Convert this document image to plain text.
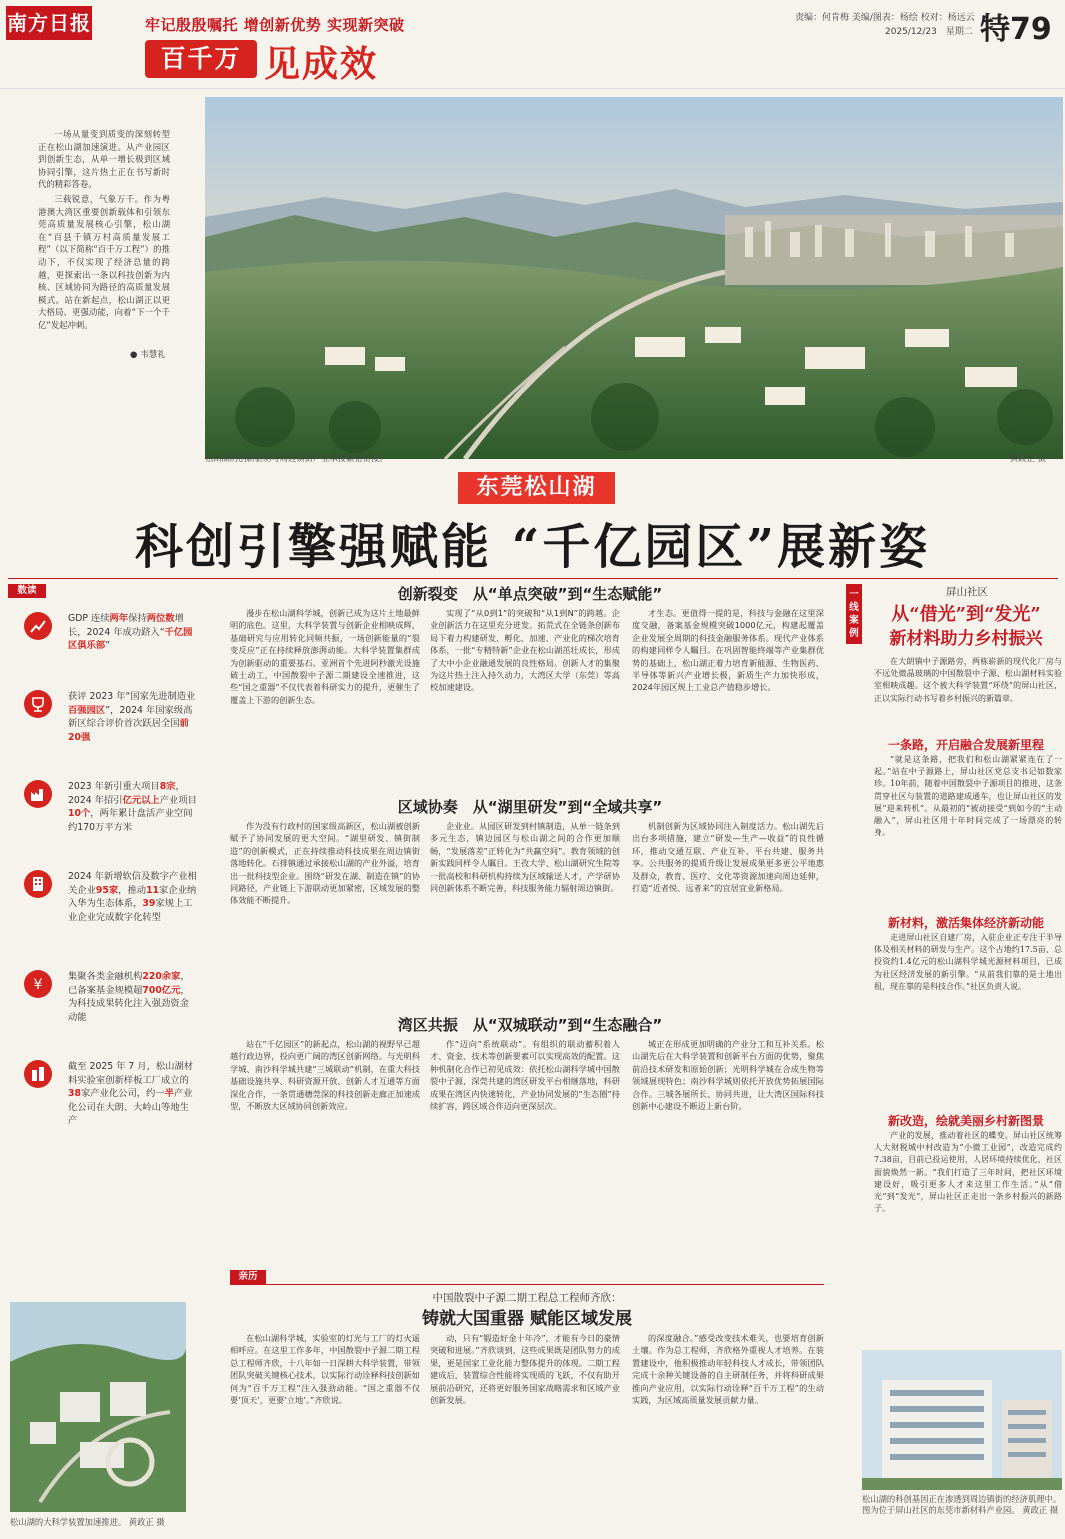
南方日报	牢记殷殷嘱托 增创新优势 实现新突破
百千万 见成效
责编：何肯梅 美编/图表：杨绘 校对：杨远云
2025/12/23　 星期二 特79

一场从量变到质变的深刻转型正在松山湖加速演进。从产业园区到创新生态，从单一增长极到区域协同引擎，这片热土正在书写新时代的精彩答卷。

三载锐意，气象万千。作为粤港澳大湾区重要创新载体和引领东莞高质量发展核心引擎，松山湖在“百县千镇万村高质量发展工程”（以下简称“百千万工程”）的推动下，不仅实现了经济总量的跨越，更探索出一条以科技创新为内核、区域协同为路径的高质量发展模式。站在新起点，松山湖正以更大格局、更强动能，向着“下一个千亿”发起冲刺。

● 韦慧礼
松山湖的创新驱动与周边镇街产业承接紧密衔接。	黄政正 摄
东莞松山湖
科创引擎强赋能 “千亿园区”展新姿
数读
GDP 连续两年保持两位数增长，2024 年成功跻入“千亿园区俱乐部”
获评 2023 年“国家先进制造业百强园区”，2024 年国家级高新区综合评价首次跃居全国前20强
2023 年新引重大项目8宗，2024 年招引亿元以上产业项目10个，两年累计盘活产业空间约170万平方米
2024 年新增软信及数字产业相关企业95家，推动11家企业纳入华为生态体系，39家规上工业企业完成数字化转型
¥
集聚各类金融机构220余家，已备案基金规模超700亿元，为科技成果转化注入强劲资金动能
截至 2025 年 7 月，松山湖材料实验室创新样板工厂成立的38家产业化公司，约一半产业化公司在大朗、大岭山等地生产
创新裂变　从“单点突破”到“生态赋能”

漫步在松山湖科学城，创新已成为这片土地最鲜明的底色。这里，大科学装置与创新企业相映成辉，基础研究与应用转化同频共振，一场创新能量的“裂变反应”正在持续释放澎湃动能。大科学装置集群成为创新驱动的重要基石。亚洲首个先进阿秒激光设施破土动工，中国散裂中子源二期建设全速推进，这些“国之重器”不仅代表着科研实力的提升，更催生了覆盖上下游的创新生态。

实现了“从0到1”的突破和“从1到N”的跨越。企业创新活力在这里充分迸发。拓荒式在全链条创新布局下着力构建研发、孵化、加速、产业化的梯次培育体系，一批“专精特新”企业在松山湖茁壮成长，形成了大中小企业融通发展的良性格局。创新人才的集聚为这片热土注入持久动力，大湾区大学（东莞）等高校加速建设。

才生态。更值得一提的是，科技与金融在这里深度交融，备案基金规模突破1000亿元，构建起覆盖企业发展全周期的科技金融服务体系。现代产业体系的构建同样令人瞩目。在巩固智能终端等产业集群优势的基础上，松山湖正着力培育新能源、生物医药、半导体等新兴产业增长极，新质生产力加快形成，2024年园区规上工业总产值稳步增长。

区域协奏　从“湖里研发”到“全域共享”

作为没有行政村的国家级高新区，松山湖被创新赋予了协同发展的更大空间。“湖里研发、镇街制造”的创新模式，正在持续推动科技成果在周边镇街落地转化。石排镇通过承接松山湖的产业外溢，培育出一批科技型企业。围绕“研发在湖、制造在镇”的协同路径，产业链上下游联动更加紧密，区域发展的整体效能不断提升。

企业业。从园区研发到村镇制造，从单一链条到多元生态，镇边园区与松山湖之间的合作更加顺畅，“发展落差”正转化为“共赢空间”。教育领域的创新实践同样令人瞩目。王孜大学、松山湖研究生院等一批高校和科研机构持续为区域输送人才，产学研协同创新体系不断完善，科技服务能力辐射周边镇街。

机制创新为区域协同注入制度活力。松山湖先后出台多项措施，建立“研发—生产—收益”的良性循环，推动交通互联、产业互补、平台共建、服务共享。公共服务的提质升级让发展成果更多更公平地惠及群众，教育、医疗、文化等资源加速向周边延伸，打造“近者悦、远者来”的宜居宜业新格局。

湾区共振　从“双城联动”到“生态融合”

站在“千亿园区”的新起点，松山湖的视野早已超越行政边界，投向更广阔的湾区创新网络。与光明科学城、南沙科学城共建“三城联动”机制，在重大科技基础设施共享、科研资源开放、创新人才互通等方面深化合作，一条贯通穗莞深的科技创新走廊正加速成型，不断放大区域协同创新效应。

作“迈向”系统联动”。有组织的联动蓄积着人才、资金、技术等创新要素可以实现高效的配置。这种机制化合作已初见成效：依托松山湖科学城中国散裂中子源，深莞共建的湾区研发平台相继落地，科研成果在湾区内快速转化，产业协同发展的“生态圈”持续扩容，跨区域合作迈向更深层次。

城正在形成更加明确的产业分工和互补关系。松山湖先后在大科学装置和创新平台方面的优势，聚焦前沿技术研发和原始创新；光明科学城在合成生物等领域展现特色；南沙科学城则依托开放优势拓展国际合作。三城各展所长、协同共进，让大湾区国际科技创新中心建设不断迈上新台阶。

亲历
中国散裂中子源二期工程总工程师齐欣：
铸就大国重器 赋能区域发展

在松山湖科学城，实验室的灯光与工厂的灯火遥相呼应。在这里工作多年，中国散裂中子源二期工程总工程师齐欣，十八年如一日深耕大科学装置，带领团队突破关键核心技术，以实际行动诠释科技创新如何为“百千万工程”注入强劲动能。“国之重器不仅要‘顶天’，更要‘立地’。”齐欣说。

动，只有“锻造好金十年冷”，才能有今日的豪情突破和进展。”齐欣谈到，这些成果既是团队努力的成果，更是国家工业化能力整体提升的体现。二期工程建成后，装置综合性能将实现质的飞跃，不仅有助开展前沿研究，还将更好服务国家战略需求和区域产业创新发展。

的深度融合。”感受改变技术难关，也要培育创新土壤。作为总工程师，齐欣格外重视人才培养。在装置建设中，他积极推动年轻科技人才成长，带领团队完成十余种关键设备的自主研制任务，并将科研成果推向产业应用，以实际行动诠释“百千万工程”的生动实践，为区域高质量发展贡献力量。

松山湖的大科学装置加速推进。 黄政正 摄
一线案例
屏山社区
从“借光”到“发光”
新材料助力乡村振兴

在大朗镇中子源路旁，两栋崭新的现代化厂房与不远处微晶玻璃的中国散裂中子源、松山湖材料实验室相映成趣。这个被大科学装置“环绕”的屏山社区，正以实际行动书写着乡村振兴的新篇章。

一条路，开启融合发展新里程

“就是这条路，把我们和松山湖紧紧连在了一起。”站在中子源路上，屏山社区党总支书记如数家珍。10年前，随着中国散裂中子源项目的推进，这条贯穿社区与装置的道路建成通车，也让屏山社区的发展“迎来转机”。从最初的“被动接受”到如今的“主动融入”，屏山社区用十年时间完成了一场漂亮的转身。

新材料，激活集体经济新动能

走进屏山社区自建厂房，入驻企业正专注于半导体及相关材料的研发与生产。这个占地约17.5亩、总投资约1.4亿元的松山湖科学城光源材料项目，已成为社区经济发展的新引擎。“从前我们靠的是土地出租，现在靠的是科技合作。”社区负责人说。

新改造，绘就美丽乡村新图景

产业的发展，推动着社区的蝶变。屏山社区统筹人大财税城中村改造为“小微工业园”，改造完成约7.38亩，目前已投运使用，人居环境持续优化，社区面貌焕然一新。“我们打造了三年时间，把社区环境建设好，吸引更多人才来这里工作生活。”从“借光”到“发光”，屏山社区正走出一条乡村振兴的新路子。

松山湖的科创基因正在渗透到周边镇街的经济肌理中。图为位于屏山社区的东莞市新材料产业园。 黄政正 摄
